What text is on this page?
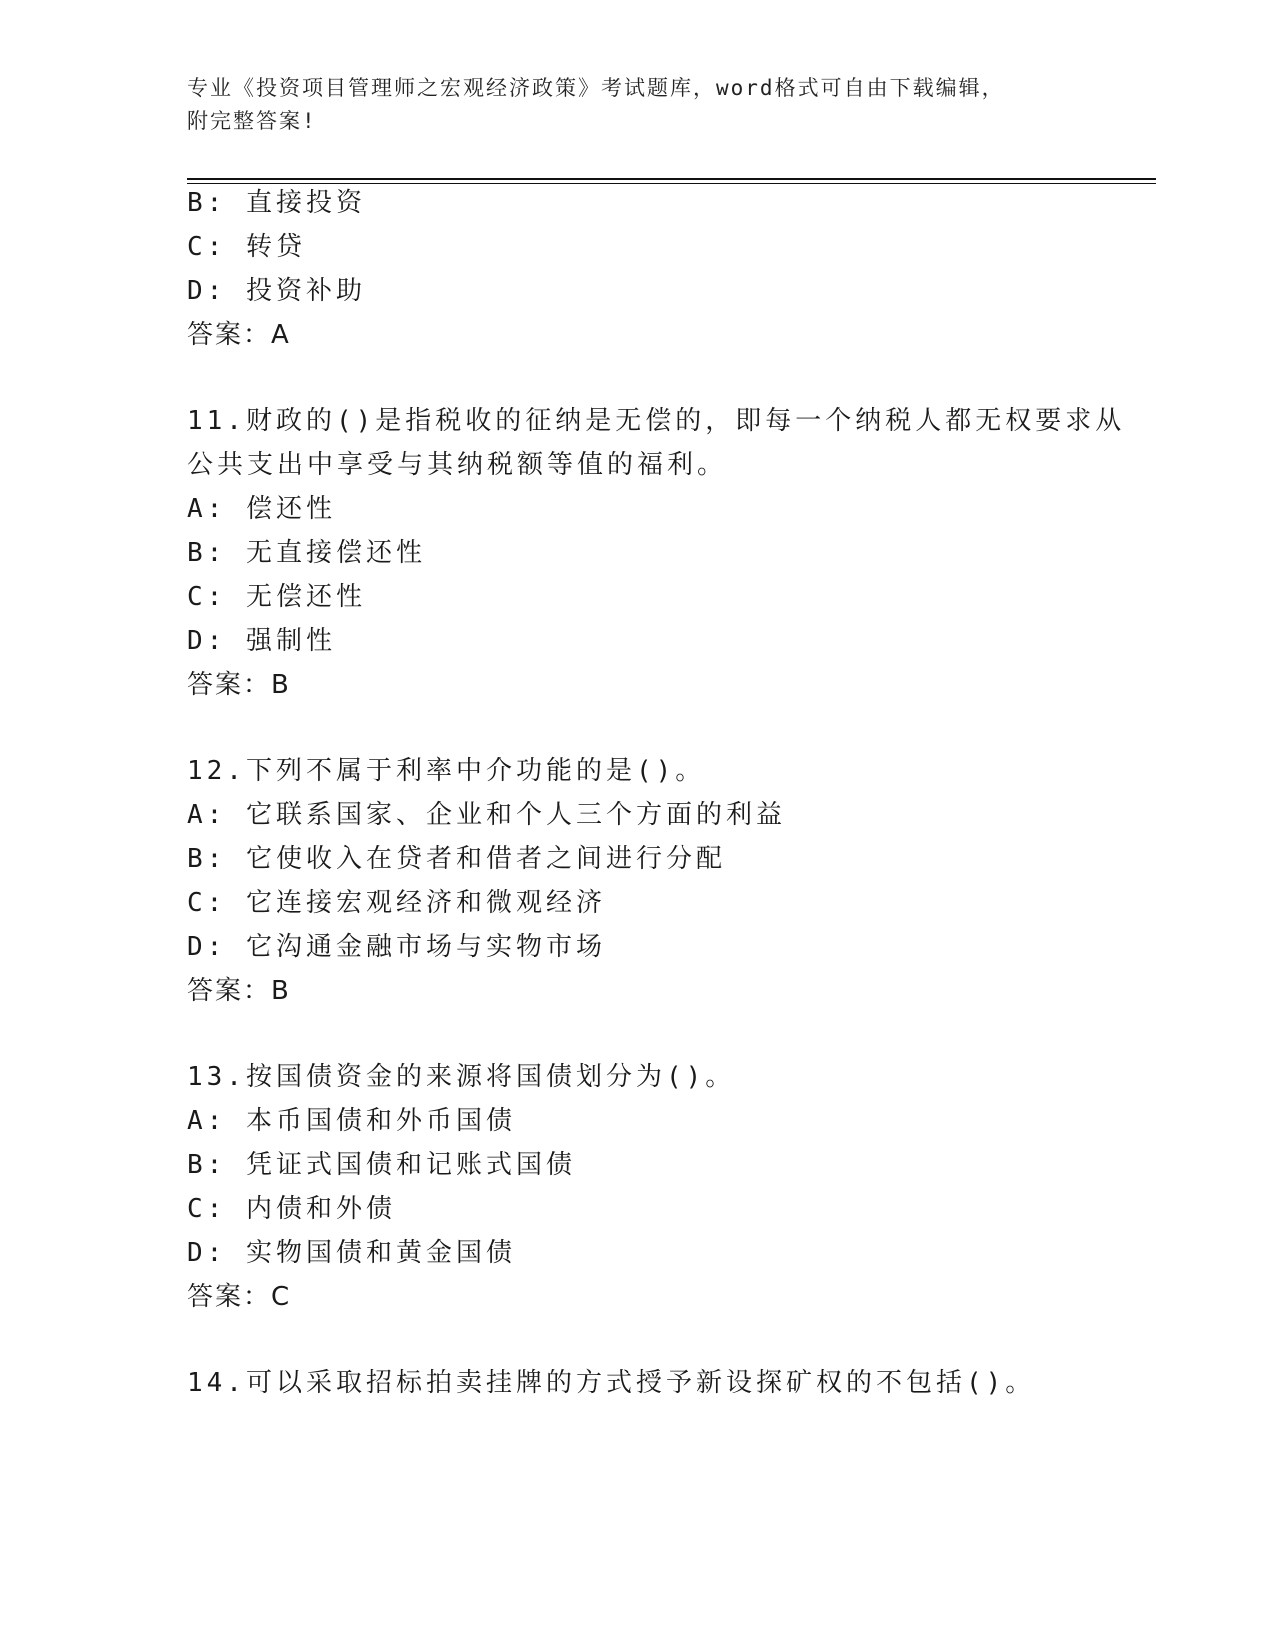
专业《投资项目管理师之宏观经济政策》考试题库，word格式可自由下载编辑，

附完整答案!

B: 直接投资
C: 转贷
D: 投资补助
答案：A
11.财政的()是指税收的征纳是无偿的，即每一个纳税人都无权要求从
公共支出中享受与其纳税额等值的福利。
A: 偿还性
B: 无直接偿还性
C: 无偿还性
D: 强制性
答案：B
12.下列不属于利率中介功能的是()。
A: 它联系国家、企业和个人三个方面的利益
B: 它使收入在贷者和借者之间进行分配
C: 它连接宏观经济和微观经济
D: 它沟通金融市场与实物市场
答案：B
13.按国债资金的来源将国债划分为()。
A: 本币国债和外币国债
B: 凭证式国债和记账式国债
C: 内债和外债
D: 实物国债和黄金国债
答案：C
14.可以采取招标拍卖挂牌的方式授予新设探矿权的不包括()。
